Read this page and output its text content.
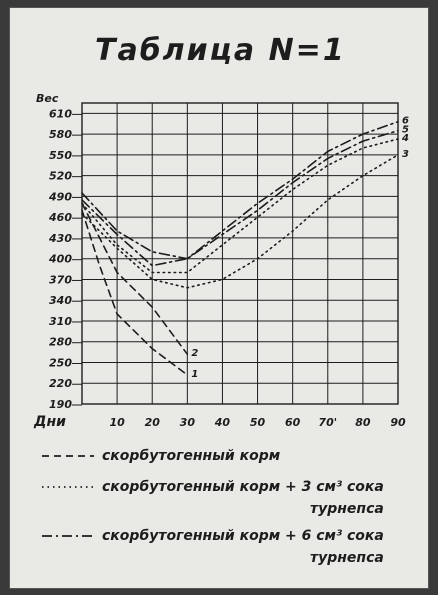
Таблица N=1
Вес
Дни
190
220
250
280
310
340
370
400
430
460
490
520
550
580
610
10 20 30 40 50 60 70' 80 90
1
2
3
4
5
6
скорбутогенный корм
скорбутогенный корм + 3 см³ сока
турнепса
скорбутогенный корм + 6 см³ сока
турнепса
